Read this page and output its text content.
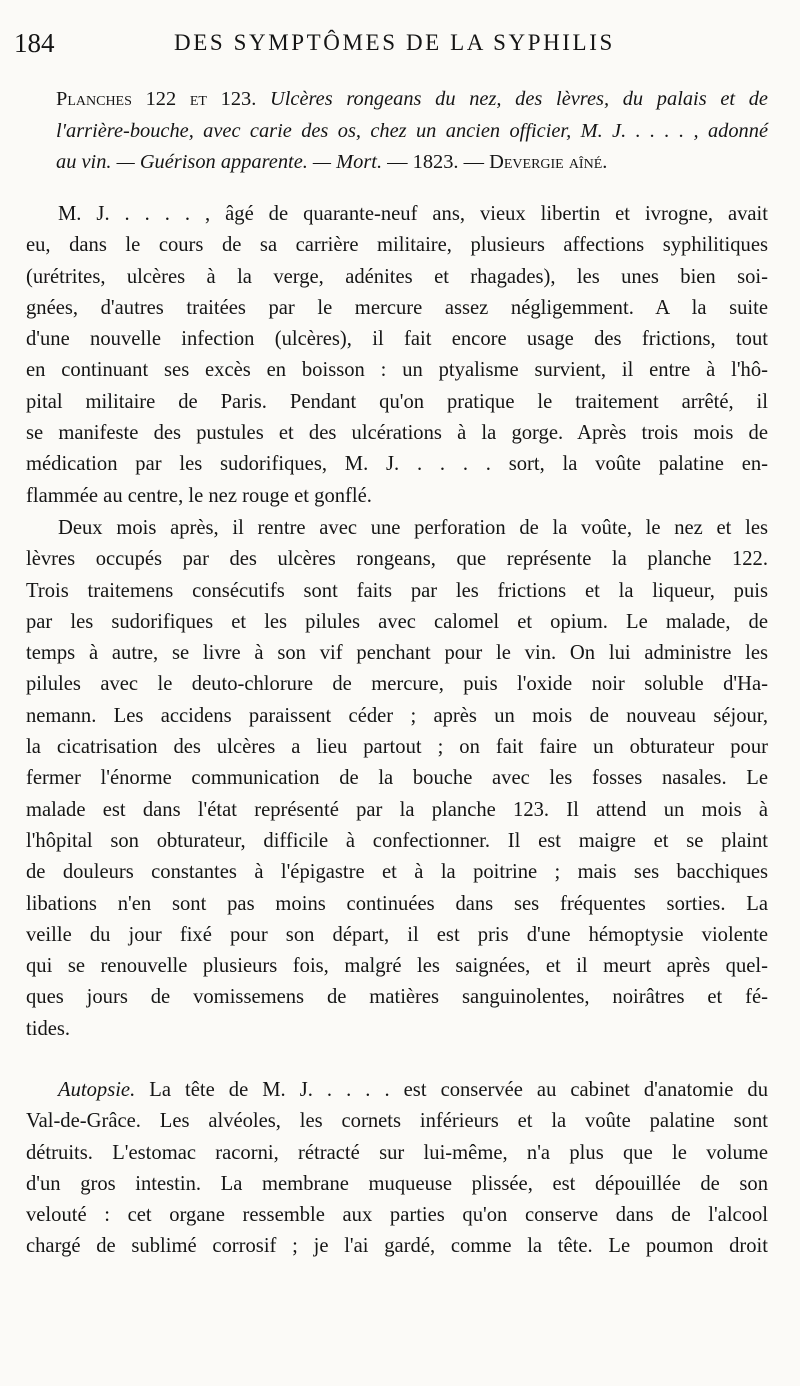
184	DES SYMPTÔMES DE LA SYPHILIS
Planches 122 et 123. Ulcères rongeans du nez, des lèvres, du palais et de
l'arrière-bouche, avec carie des os, chez un ancien officier, M. J. . . . . , adonné
au vin. — Guérison apparente. — Mort. — 1823. — Devergie aîné.
M. J. . . . . , âgé de quarante-neuf ans, vieux libertin et ivrogne, avait
eu, dans le cours de sa carrière militaire, plusieurs affections syphilitiques
(urétrites, ulcères à la verge, adénites et rhagades), les unes bien soi-
gnées, d'autres traitées par le mercure assez négligemment. A la suite
d'une nouvelle infection (ulcères), il fait encore usage des frictions, tout
en continuant ses excès en boisson : un ptyalisme survient, il entre à l'hô-
pital militaire de Paris. Pendant qu'on pratique le traitement arrêté, il
se manifeste des pustules et des ulcérations à la gorge. Après trois mois de
médication par les sudorifiques, M. J. . . . . sort, la voûte palatine en-
flammée au centre, le nez rouge et gonflé.
Deux mois après, il rentre avec une perforation de la voûte, le nez et les
lèvres occupés par des ulcères rongeans, que représente la planche 122.
Trois traitemens consécutifs sont faits par les frictions et la liqueur, puis
par les sudorifiques et les pilules avec calomel et opium. Le malade, de
temps à autre, se livre à son vif penchant pour le vin. On lui administre les
pilules avec le deuto-chlorure de mercure, puis l'oxide noir soluble d'Ha-
nemann. Les accidens paraissent céder ; après un mois de nouveau séjour,
la cicatrisation des ulcères a lieu partout ; on fait faire un obturateur pour
fermer l'énorme communication de la bouche avec les fosses nasales. Le
malade est dans l'état représenté par la planche 123. Il attend un mois à
l'hôpital son obturateur, difficile à confectionner. Il est maigre et se plaint
de douleurs constantes à l'épigastre et à la poitrine ; mais ses bacchiques
libations n'en sont pas moins continuées dans ses fréquentes sorties. La
veille du jour fixé pour son départ, il est pris d'une hémoptysie violente
qui se renouvelle plusieurs fois, malgré les saignées, et il meurt après quel-
ques jours de vomissemens de matières sanguinolentes, noirâtres et fé-
tides.
Autopsie. La tête de M. J. . . . . est conservée au cabinet d'anatomie du
Val-de-Grâce. Les alvéoles, les cornets inférieurs et la voûte palatine sont
détruits. L'estomac racorni, rétracté sur lui-même, n'a plus que le volume
d'un gros intestin. La membrane muqueuse plissée, est dépouillée de son
velouté : cet organe ressemble aux parties qu'on conserve dans de l'alcool
chargé de sublimé corrosif ; je l'ai gardé, comme la tête. Le poumon droit
